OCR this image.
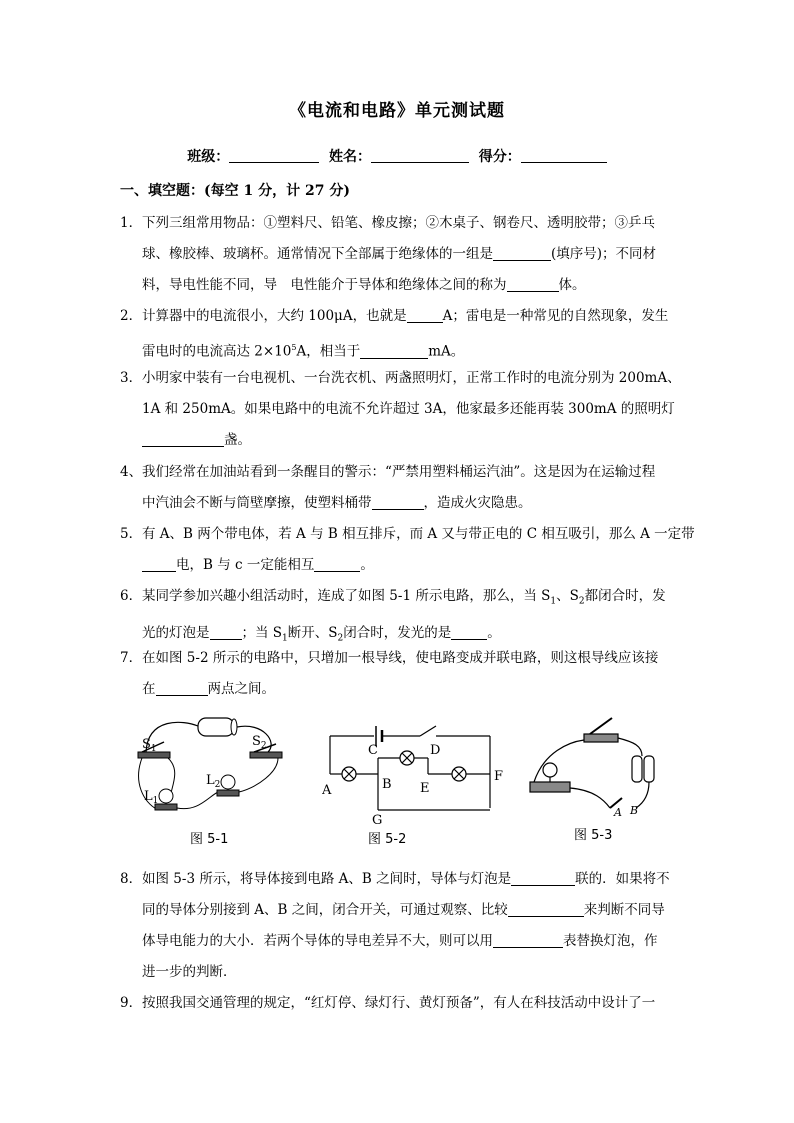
《电流和电路》单元测试题
班级：	姓名：	得分：
一、填空题：(每空 1 分，计 27 分)
1．下列三组常用物品：①塑料尺、铅笔、橡皮擦；②木桌子、钢卷尺、透明胶带；③乒乓
球、橡胶棒、玻璃杯。通常情况下全部属于绝缘体的一组是	(填序号)；不同材
料，导电性能不同，导　电性能介于导体和绝缘体之间的称为	体。
2．计算器中的电流很小，大约 100μA，也就是	A；雷电是一种常见的自然现象，发生
雷电时的电流高达 $2\times 10^5A$，相当于	mA。
3．小明家中装有一台电视机、一台洗衣机、两盏照明灯，正常工作时的电流分别为 200mA、
1A 和 250mA。如果电路中的电流不允许超过 3A，他家最多还能再装 300mA 的照明灯
盏。
4、我们经常在加油站看到一条醒目的警示：“严禁用塑料桶运汽油”。这是因为在运输过程
中汽油会不断与筒壁摩擦，使塑料桶带	，造成火灾隐患。
5．有 A、B 两个带电体，若 A 与 B 相互排斥，而 A 又与带正电的 C 相互吸引，那么 A 一定带
电，B 与 c 一定能相互	。
6．某同学参加兴趣小组活动时，连成了如图 5-1 所示电路，那么，当 $S_1$、$S_2$都闭合时，发
光的灯泡是 ；当 $S_1$断开、$S_2$闭合时，发光的是	。
7．在如图 5-2 所示的电路中，只增加一根导线，使电路变成并联电路，则这根导线应该接
在	两点之间。
$S_1$	$S_2$
$L_1$
$L_2$
图 5-1
A	B
C	D
E
F
G
图 5-2
A B
图 5-3
8．如图 5-3 所示，将导体接到电路 A、B 之间时，导体与灯泡是	联的．如果将不
同的导体分别接到 A、B 之间，闭合开关，可通过观察、比较	来判断不同导
体导电能力的大小．若两个导体的导电差异不大，则可以用	表替换灯泡，作
进一步的判断．
9．按照我国交通管理的规定，“红灯停、绿灯行、黄灯预备”，有人在科技活动中设计了一
